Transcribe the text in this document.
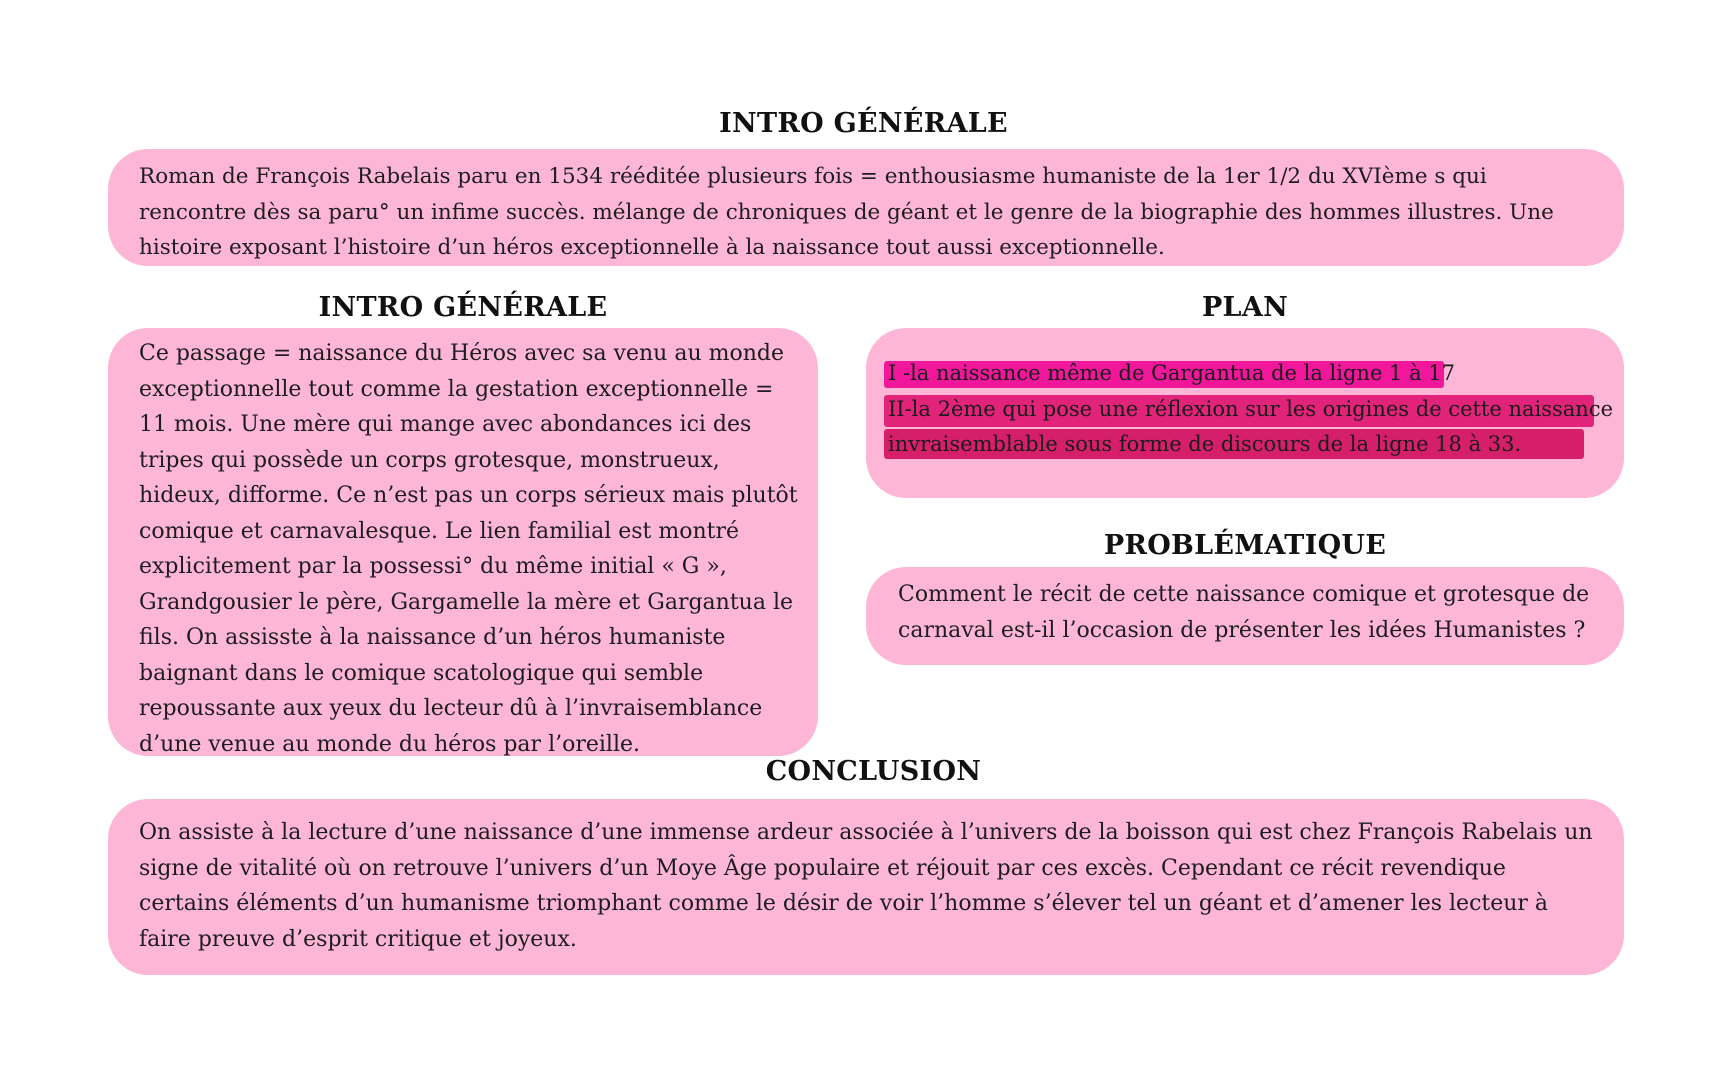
INTRO GÉNÉRALE

Roman de François Rabelais paru en 1534 rééditée plusieurs fois = enthousiasme humaniste de la 1er 1/2 du XVIème s qui rencontre dès sa paru° un infime succès. mélange de chroniques de géant et le genre de la biographie des hommes illustres. Une histoire exposant l’histoire d’un héros exceptionnelle à la naissance tout aussi exceptionnelle.

INTRO GÉNÉRALE

Ce passage = naissance du Héros avec sa venu au monde exceptionnelle tout comme la gestation exceptionnelle = 11 mois. Une mère qui mange avec abondances ici des tripes qui possède un corps grotesque, monstrueux, hideux, difforme. Ce n’est pas un corps sérieux mais plutôt comique et carnavalesque. Le lien familial est montré explicitement par la possessi° du même initial « G », Grandgousier le père, Gargamelle la mère et Gargantua le fils. On assisste à la naissance d’un héros humaniste baignant dans le comique scatologique qui semble repoussante aux yeux du lecteur dû à l’invraisemblance d’une venue au monde du héros par l’oreille.

PLAN
I -la naissance même de Gargantua de la ligne 1 à 17
II-la 2ème qui pose une réflexion sur les origines de cette naissance
invraisemblable sous forme de discours de la ligne 18 à 33.
PROBLÉMATIQUE

Comment le récit de cette naissance comique et grotesque de carnaval est-il l’occasion de présenter les idées Humanistes ?

CONCLUSION

On assiste à la lecture d’une naissance d’une immense ardeur associée à l’univers de la boisson qui est chez François Rabelais un signe de vitalité où on retrouve l’univers d’un Moye Âge populaire et réjouit par ces excès. Cependant ce récit revendique certains éléments d’un humanisme triomphant comme le désir de voir l’homme s’élever tel un géant et d’amener les lecteur à faire preuve d’esprit critique et joyeux.
